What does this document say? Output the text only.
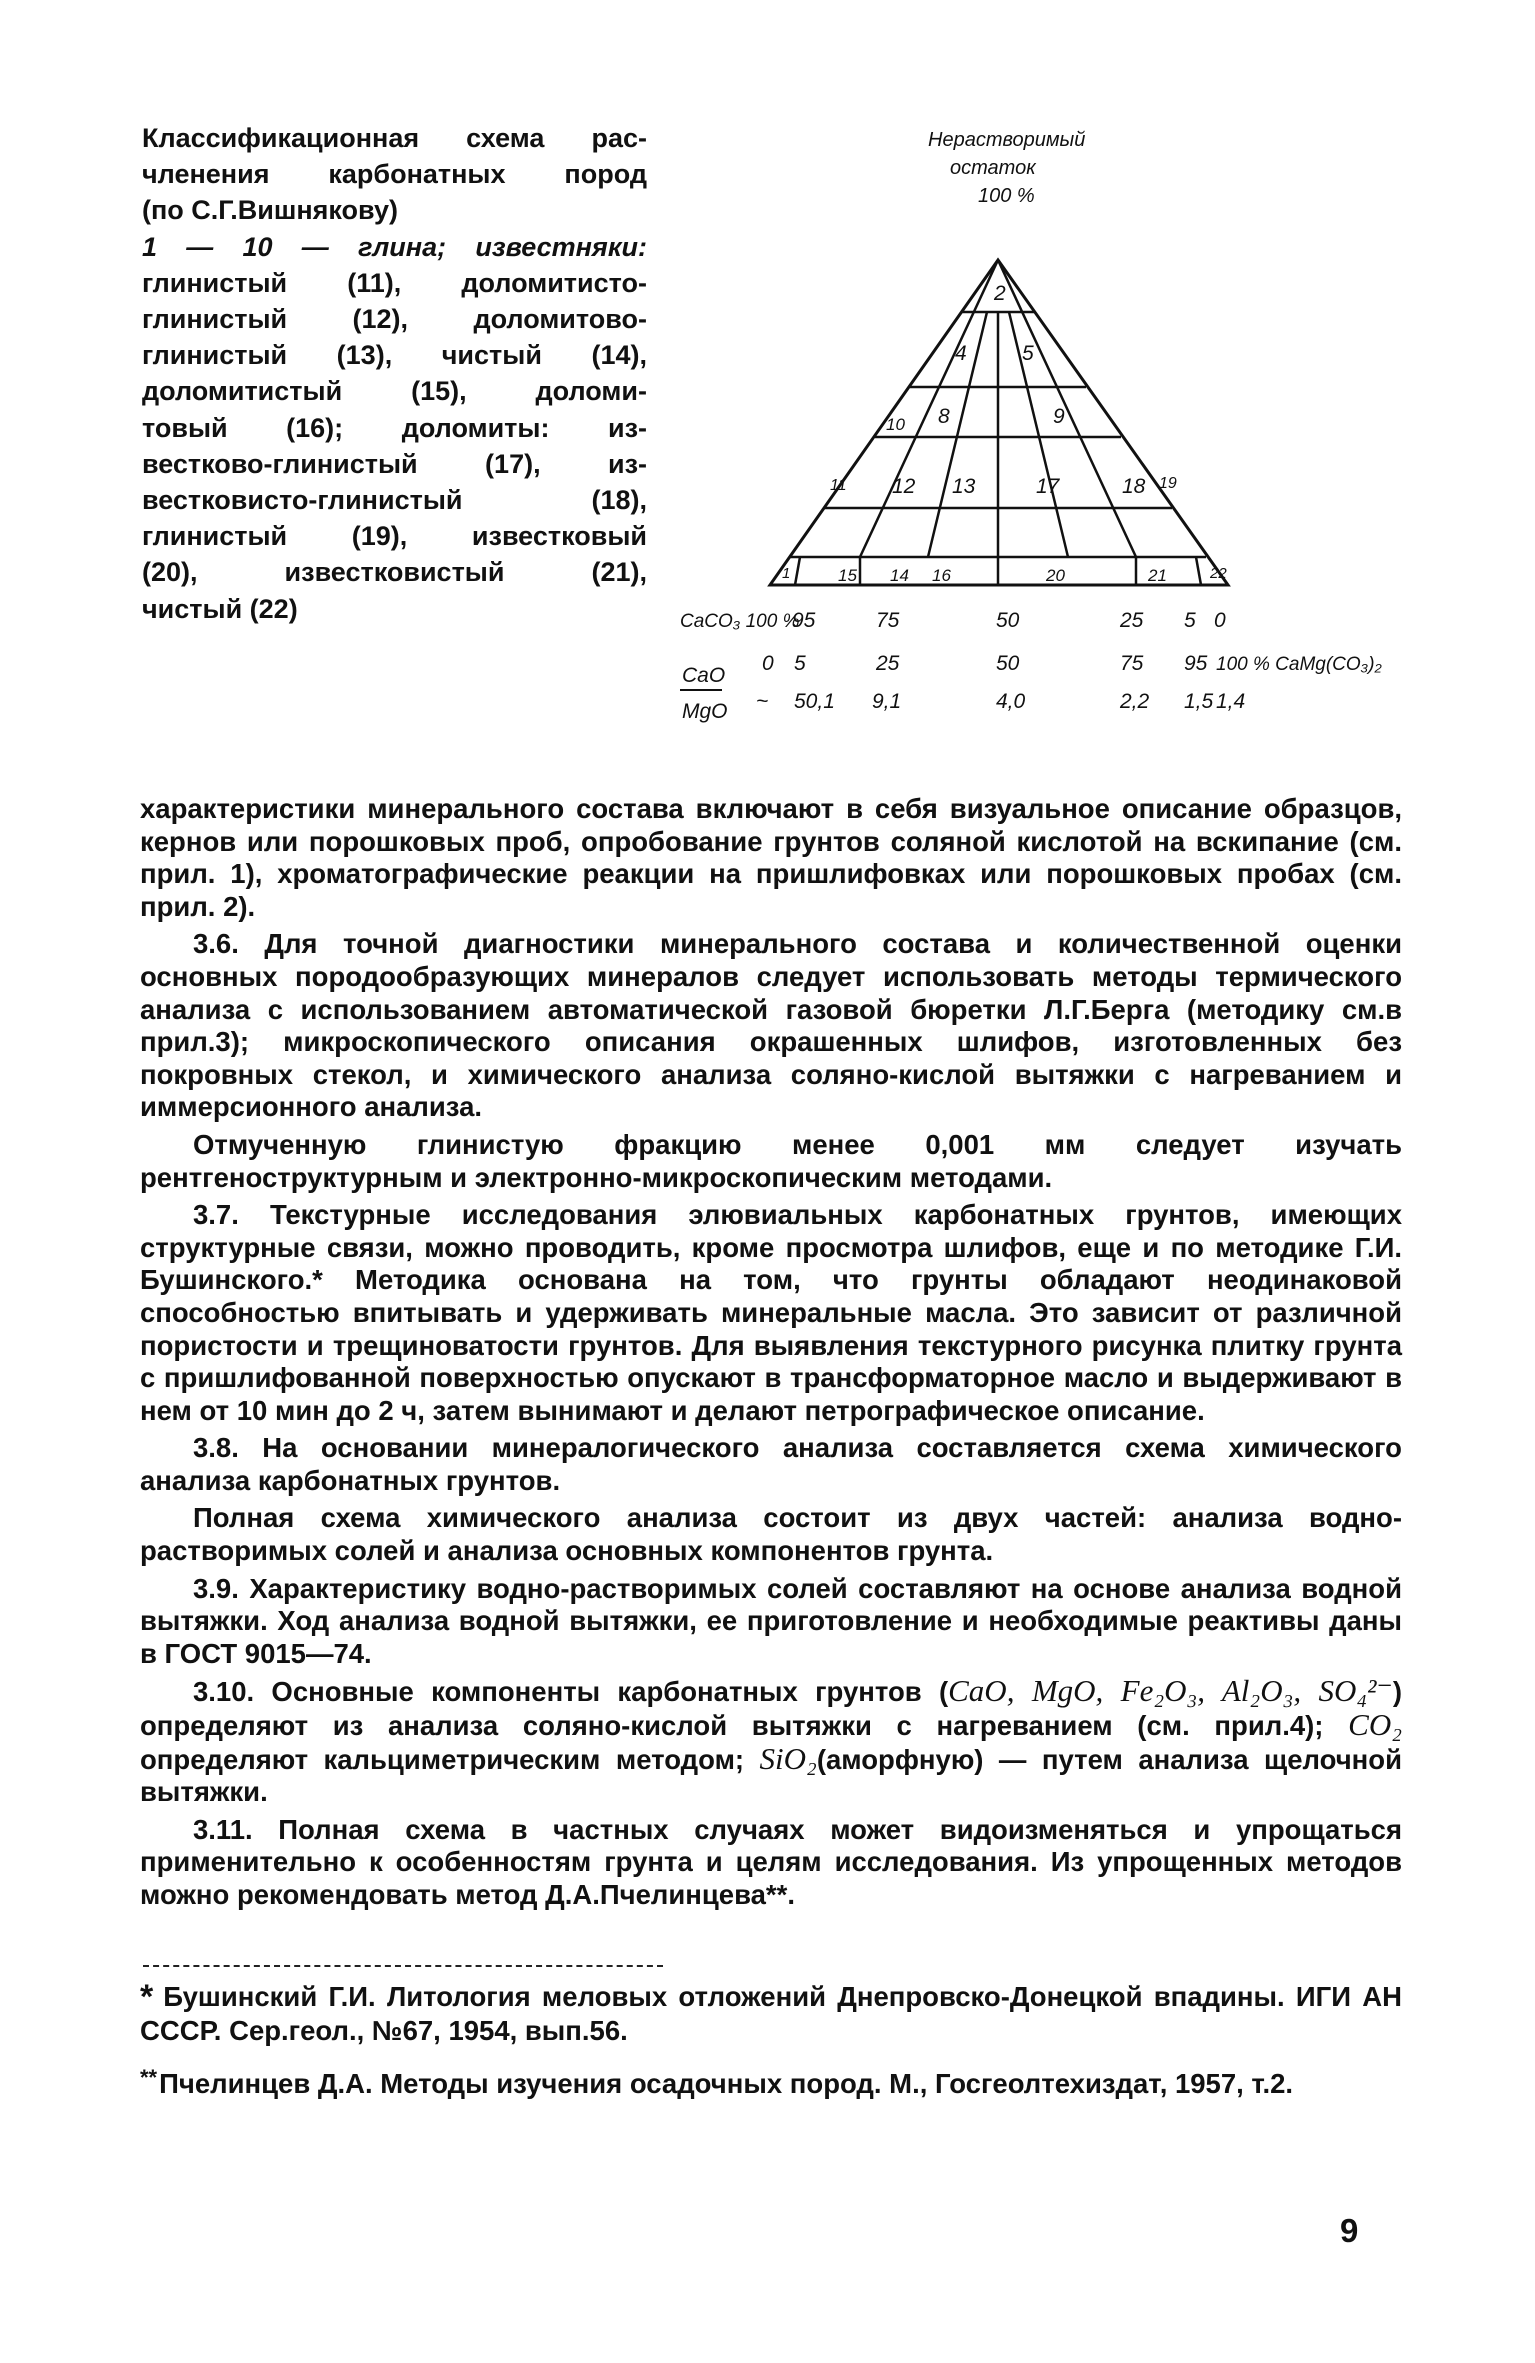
Классификационная схема рас-
членения карбонатных пород
(по С.Г.Вишнякову)
1 — 10 — глина; известняки:
глинистый (11), доломитисто-
глинистый (12), доломитово-
глинистый (13), чистый (14),
доломитистый (15), доломи-
товый (16); доломиты: из-
вестково-глинистый (17), из-
вестковисто-глинистый (18),
глинистый (19), известковый
(20), известковистый (21),
чистый (22)
Нерастворимый
остаток
100 %
2
4	5
8	9
10
12 13	17	18 19
11
14
15	16	20	21	22
1
CaCO₃ 100 %
95	75	50	25 5 0
0 5	25	50	75 95 100 % CaMg(CO₃)₂
CaO
MgO ~ 50,1 9,1	4,0	2,2 1,5 1,4

характеристики минерального состава включают в себя визуальное описание образцов, кернов или порошковых проб, опробование грунтов соляной кислотой на вскипание (см. прил. 1), хроматографические реакции на пришлифовках или порошковых пробах (см. прил. 2).

3.6. Для точной диагностики минерального состава и количественной оценки основных породообразующих минералов следует использовать методы термического анализа с использованием автоматической газовой бюретки Л.Г.Берга (методику см.в прил.3); микроскопического описания окрашенных шлифов, изготовленных без покровных стекол, и химического анализа соляно-кислой вытяжки с нагреванием и иммерсионного анализа.

Отмученную глинистую фракцию менее 0,001 мм следует изучать рентгеноструктурным и электронно-микроскопическим методами.

3.7. Текстурные исследования элювиальных карбонатных грунтов, имеющих структурные связи, можно проводить, кроме просмотра шлифов, еще и по методике Г.И. Бушинского.* Методика основана на том, что грунты обладают неодинаковой способностью впитывать и удерживать минеральные масла. Это зависит от различной пористости и трещиноватости грунтов. Для выявления текстурного рисунка плитку грунта с пришлифованной поверхностью опускают в трансформаторное масло и выдерживают в нем от 10 мин до 2 ч, затем вынимают и делают петрографическое описание.

3.8. На основании минералогического анализа составляется схема химического анализа карбонатных грунтов.

Полная схема химического анализа состоит из двух частей: анализа водно-растворимых солей и анализа основных компонентов грунта.

3.9. Характеристику водно-растворимых солей составляют на основе анализа водной вытяжки. Ход анализа водной вытяжки, ее приготовление и необходимые реактивы даны в ГОСТ 9015—74.

3.10. Основные компоненты карбонатных грунтов (CaO, MgO, Fe₂O₃, Al₂O₃, SO₄²⁻) определяют из анализа соляно-кислой вытяжки с нагреванием (см. прил.4); CO₂ определяют кальциметрическим методом; SiO₂(аморфную) — путем анализа щелочной вытяжки.

3.11. Полная схема в частных случаях может видоизменяться и упрощаться применительно к особенностям грунта и целям исследования. Из упрощенных методов можно рекомендовать метод Д.А.Пчелинцева**.

* Бушинский Г.И. Литология меловых отложений Днепровско-Донецкой впадины. ИГИ АН СССР. Сер.геол., №67, 1954, вып.56.

**Пчелинцев Д.А. Методы изучения осадочных пород. М., Госгеолтехиздат, 1957, т.2.

9
